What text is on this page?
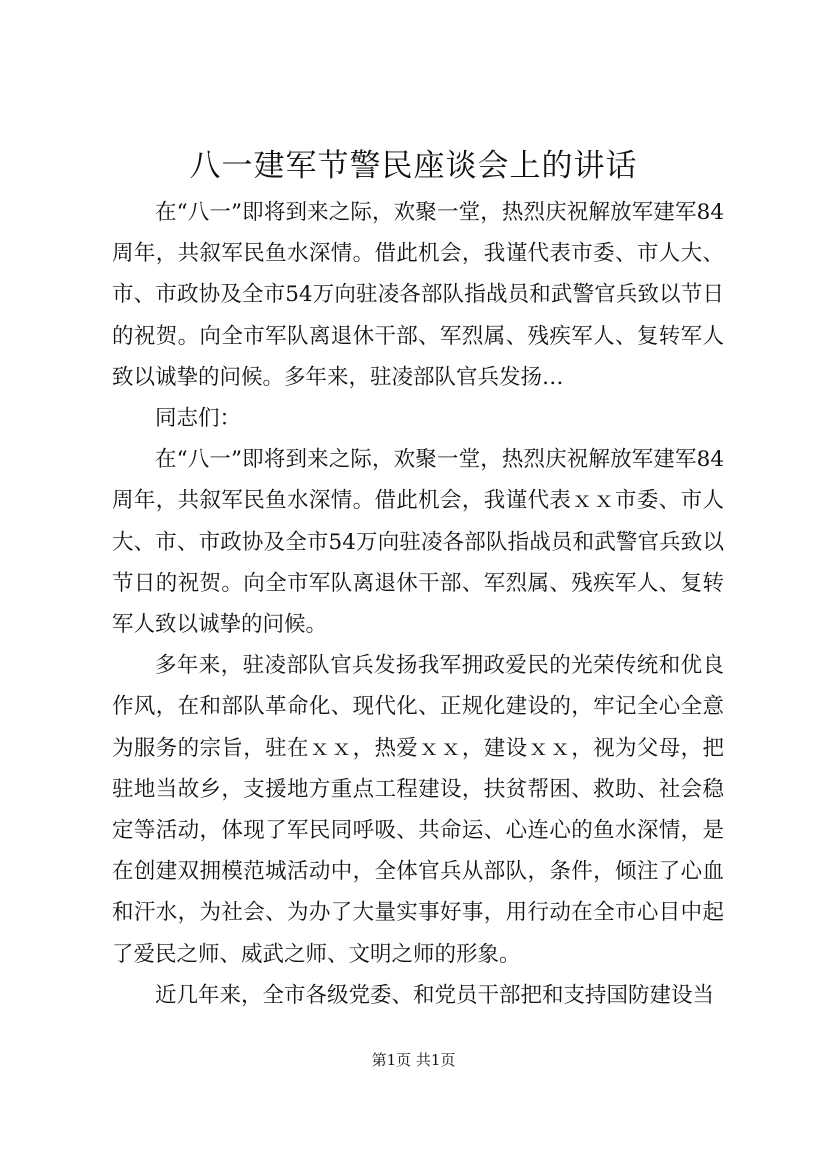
八一建军节警民座谈会上的讲话

在“八一”即将到来之际，欢聚一堂，热烈庆祝解放军建军84周年，共叙军民鱼水深情。借此机会，我谨代表市委、市人大、市、市政协及全市54万向驻凌各部队指战员和武警官兵致以节日的祝贺。向全市军队离退休干部、军烈属、残疾军人、复转军人致以诚挚的问候。多年来，驻凌部队官兵发扬…

同志们：

在“八一”即将到来之际，欢聚一堂，热烈庆祝解放军建军84周年，共叙军民鱼水深情。借此机会，我谨代表ｘｘ市委、市人大、市、市政协及全市54万向驻凌各部队指战员和武警官兵致以节日的祝贺。向全市军队离退休干部、军烈属、残疾军人、复转军人致以诚挚的问候。

多年来，驻凌部队官兵发扬我军拥政爱民的光荣传统和优良作风，在和部队革命化、现代化、正规化建设的，牢记全心全意为服务的宗旨，驻在ｘｘ，热爱ｘｘ，建设ｘｘ，视为父母，把驻地当故乡，支援地方重点工程建设，扶贫帮困、救助、社会稳定等活动，体现了军民同呼吸、共命运、心连心的鱼水深情，是在创建双拥模范城活动中，全体官兵从部队，条件，倾注了心血和汗水，为社会、为办了大量实事好事，用行动在全市心目中起了爱民之师、威武之师、文明之师的形象。

近几年来，全市各级党委、和党员干部把和支持国防建设当

第1页 共1页
